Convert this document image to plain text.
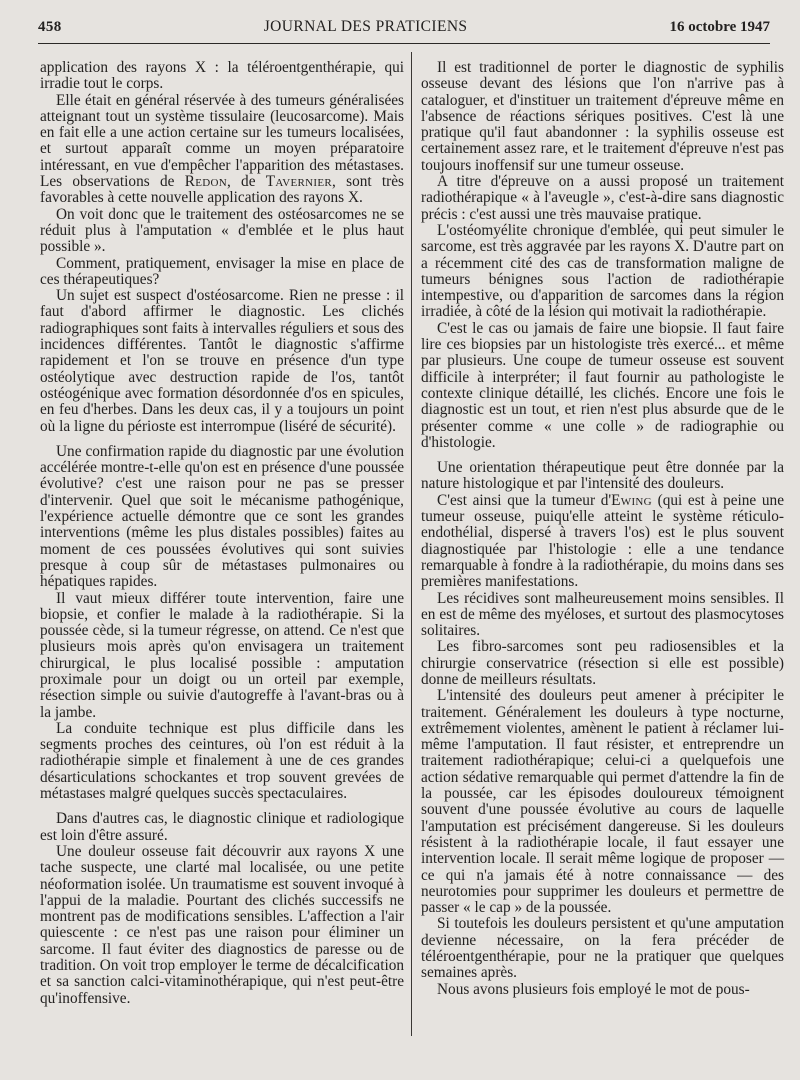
458	JOURNAL DES PRATICIENS	16 octobre 1947

application des rayons X : la téléroentgenthérapie, qui irradie tout le corps.

Elle était en général réservée à des tumeurs généralisées atteignant tout un système tissulaire (leucosarcome). Mais en fait elle a une action certaine sur les tumeurs localisées, et surtout apparaît comme un moyen préparatoire intéressant, en vue d'empêcher l'apparition des métastases. Les observations de Redon, de Tavernier, sont très favorables à cette nouvelle application des rayons X.

On voit donc que le traitement des ostéosarcomes ne se réduit plus à l'amputation « d'emblée et le plus haut possible ».

Comment, pratiquement, envisager la mise en place de ces thérapeutiques?

Un sujet est suspect d'ostéosarcome. Rien ne presse : il faut d'abord affirmer le diagnostic. Les clichés radiographiques sont faits à intervalles réguliers et sous des incidences différentes. Tantôt le diagnostic s'affirme rapidement et l'on se trouve en présence d'un type ostéolytique avec destruction rapide de l'os, tantôt ostéogénique avec formation désordonnée d'os en spicules, en feu d'herbes. Dans les deux cas, il y a toujours un point où la ligne du périoste est interrompue (liséré de sécurité).

Une confirmation rapide du diagnostic par une évolution accélérée montre-t-elle qu'on est en présence d'une poussée évolutive? c'est une raison pour ne pas se presser d'intervenir. Quel que soit le mécanisme pathogénique, l'expérience actuelle démontre que ce sont les grandes interventions (même les plus distales possibles) faites au moment de ces poussées évolutives qui sont suivies presque à coup sûr de métastases pulmonaires ou hépatiques rapides.

Il vaut mieux différer toute intervention, faire une biopsie, et confier le malade à la radiothérapie. Si la poussée cède, si la tumeur régresse, on attend. Ce n'est que plusieurs mois après qu'on envisagera un traitement chirurgical, le plus localisé possible : amputation proximale pour un doigt ou un orteil par exemple, résection simple ou suivie d'autogreffe à l'avant-bras ou à la jambe.

La conduite technique est plus difficile dans les segments proches des ceintures, où l'on est réduit à la radiothérapie simple et finalement à une de ces grandes désarticulations schockantes et trop souvent grevées de métastases malgré quelques succès spectaculaires.

Dans d'autres cas, le diagnostic clinique et radiologique est loin d'être assuré.

Une douleur osseuse fait découvrir aux rayons X une tache suspecte, une clarté mal localisée, ou une petite néoformation isolée. Un traumatisme est souvent invoqué à l'appui de la maladie. Pourtant des clichés successifs ne montrent pas de modifications sensibles. L'affection a l'air quiescente : ce n'est pas une raison pour éliminer un sarcome. Il faut éviter des diagnostics de paresse ou de tradition. On voit trop employer le terme de décalcification et sa sanction calci-vitaminothérapique, qui n'est peut-être qu'inoffensive.

Il est traditionnel de porter le diagnostic de syphilis osseuse devant des lésions que l'on n'arrive pas à cataloguer, et d'instituer un traitement d'épreuve même en l'absence de réactions sériques positives. C'est là une pratique qu'il faut abandonner : la syphilis osseuse est certainement assez rare, et le traitement d'épreuve n'est pas toujours inoffensif sur une tumeur osseuse.

A titre d'épreuve on a aussi proposé un traitement radiothérapique « à l'aveugle », c'est-à-dire sans diagnostic précis : c'est aussi une très mauvaise pratique.

L'ostéomyélite chronique d'emblée, qui peut simuler le sarcome, est très aggravée par les rayons X. D'autre part on a récemment cité des cas de transformation maligne de tumeurs bénignes sous l'action de radiothérapie intempestive, ou d'apparition de sarcomes dans la région irradiée, à côté de la lésion qui motivait la radiothérapie.

C'est le cas ou jamais de faire une biopsie. Il faut faire lire ces biopsies par un histologiste très exercé... et même par plusieurs. Une coupe de tumeur osseuse est souvent difficile à interpréter; il faut fournir au pathologiste le contexte clinique détaillé, les clichés. Encore une fois le diagnostic est un tout, et rien n'est plus absurde que de le présenter comme « une colle » de radiographie ou d'histologie.

Une orientation thérapeutique peut être donnée par la nature histologique et par l'intensité des douleurs.

C'est ainsi que la tumeur d'Ewing (qui est à peine une tumeur osseuse, puiqu'elle atteint le système réticulo-endothélial, dispersé à travers l'os) est le plus souvent diagnostiquée par l'histologie : elle a une tendance remarquable à fondre à la radiothérapie, du moins dans ses premières manifestations.

Les récidives sont malheureusement moins sensibles. Il en est de même des myéloses, et surtout des plasmocytoses solitaires.

Les fibro-sarcomes sont peu radiosensibles et la chirurgie conservatrice (résection si elle est possible) donne de meilleurs résultats.

L'intensité des douleurs peut amener à précipiter le traitement. Généralement les douleurs à type nocturne, extrêmement violentes, amènent le patient à réclamer lui-même l'amputation. Il faut résister, et entreprendre un traitement radiothérapique; celui-ci a quelquefois une action sédative remarquable qui permet d'attendre la fin de la poussée, car les épisodes douloureux témoignent souvent d'une poussée évolutive au cours de laquelle l'amputation est précisément dangereuse. Si les douleurs résistent à la radiothérapie locale, il faut essayer une intervention locale. Il serait même logique de proposer — ce qui n'a jamais été à notre connaissance — des neurotomies pour supprimer les douleurs et permettre de passer « le cap » de la poussée.

Si toutefois les douleurs persistent et qu'une amputation devienne nécessaire, on la fera précéder de téléroentgenthérapie, pour ne la pratiquer que quelques semaines après.

Nous avons plusieurs fois employé le mot de pous-
